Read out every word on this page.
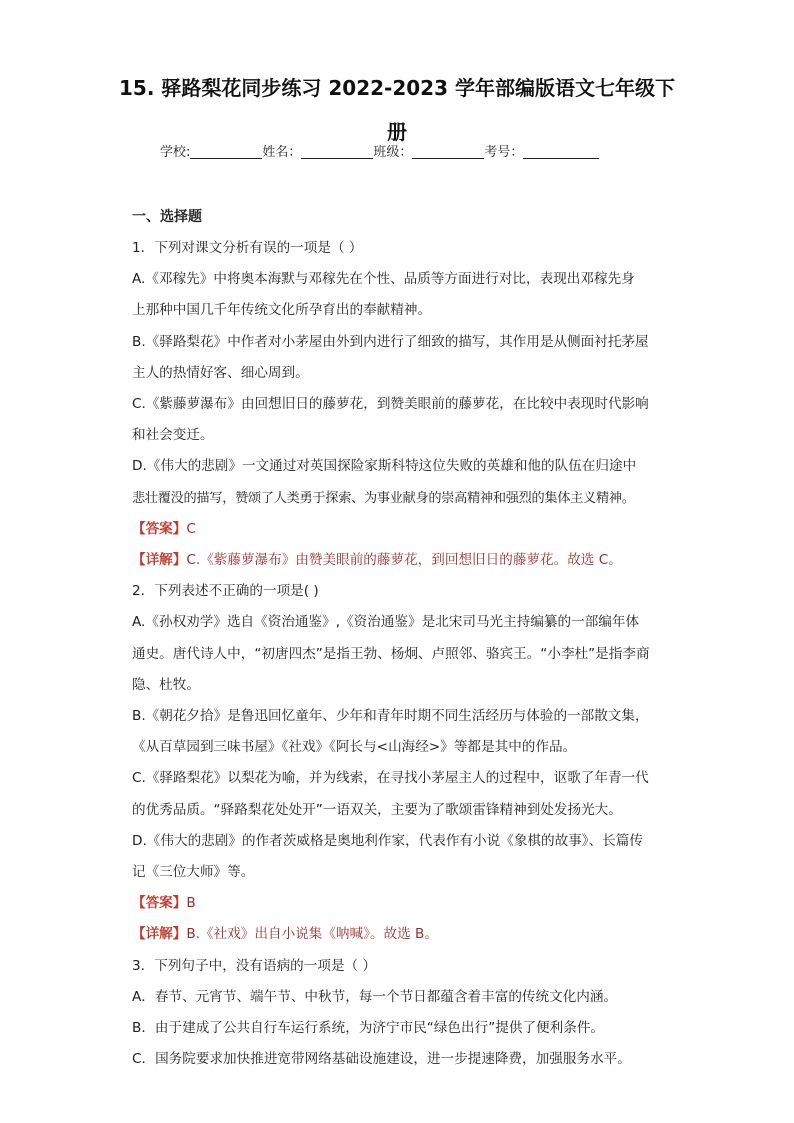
15. 驿路梨花同步练习 2022-2023 学年部编版语文七年级下
册
学校:	姓名：	班级：	考号：
一、选择题
1．下列对课文分析有误的一项是（ ）
A.《邓稼先》中将奥本海默与邓稼先在个性、品质等方面进行对比，表现出邓稼先身
上那种中国几千年传统文化所孕育出的奉献精神。
B.《驿路梨花》中作者对小茅屋由外到内进行了细致的描写，其作用是从侧面衬托茅屋
主人的热情好客、细心周到。
C.《紫藤萝瀑布》由回想旧日的藤萝花，到赞美眼前的藤萝花，在比较中表现时代影响
和社会变迁。
D.《伟大的悲剧》一文通过对英国探险家斯科特这位失败的英雄和他的队伍在归途中
悲壮覆没的描写，赞颂了人类勇于探索、为事业献身的崇高精神和强烈的集体主义精神。
【答案】C
【详解】C.《紫藤萝瀑布》由赞美眼前的藤萝花，到回想旧日的藤萝花。故选 C。
2．下列表述不正确的一项是( )
A.《孙权劝学》选自《资治通鉴》,《资治通鉴》是北宋司马光主持编纂的一部编年体
通史。唐代诗人中，“初唐四杰”是指王勃、杨炯、卢照邻、骆宾王。“小李杜”是指李商
隐、杜牧。
B.《朝花夕拾》是鲁迅回忆童年、少年和青年时期不同生活经历与体验的一部散文集，
《从百草园到三味书屋》《社戏》《阿长与<山海经>》等都是其中的作品。
C.《驿路梨花》以梨花为喻，并为线索，在寻找小茅屋主人的过程中，讴歌了年青一代
的优秀品质。“驿路梨花处处开”一语双关，主要为了歌颂雷锋精神到处发扬光大。
D.《伟大的悲剧》的作者茨威格是奥地利作家，代表作有小说《象棋的故事》、长篇传
记《三位大师》等。
【答案】B
【详解】B.《社戏》出自小说集《呐喊》。故选 B。
3．下列句子中，没有语病的一项是（ ）
A．春节、元宵节、端午节、中秋节，每一个节日都蕴含着丰富的传统文化内涵。
B．由于建成了公共自行车运行系统，为济宁市民“绿色出行”提供了便利条件。
C．国务院要求加快推进宽带网络基础设施建设，进一步提速降费，加强服务水平。
